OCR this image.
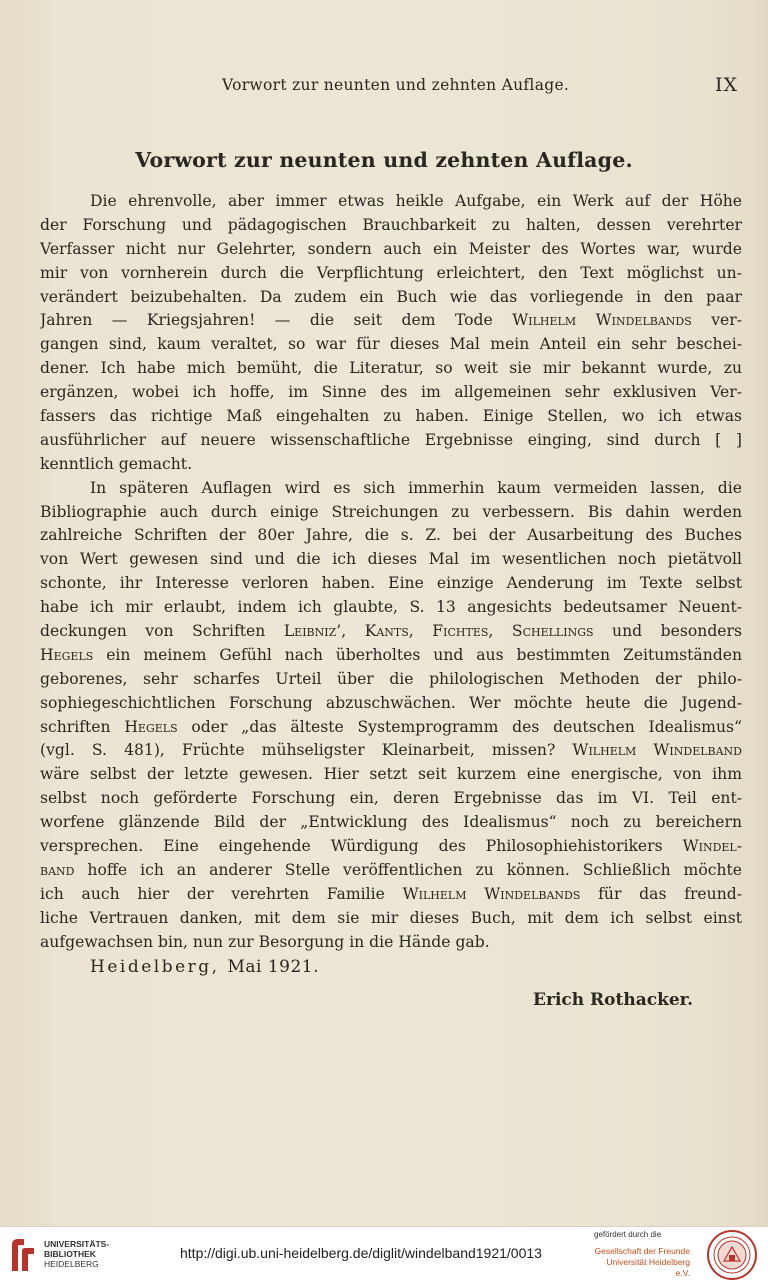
Vorwort zur neunten und zehnten Auflage.	IX
Vorwort zur neunten und zehnten Auflage.
Die ehrenvolle, aber immer etwas heikle Aufgabe, ein Werk auf der Höhe
der Forschung und pädagogischen Brauchbarkeit zu halten, dessen verehrter
Verfasser nicht nur Gelehrter, sondern auch ein Meister des Wortes war, wurde
mir von vornherein durch die Verpflichtung erleichtert, den Text möglichst un-
verändert beizubehalten. Da zudem ein Buch wie das vorliegende in den paar
Jahren — Kriegsjahren! — die seit dem Tode Wilhelm Windelbands ver-
gangen sind, kaum veraltet, so war für dieses Mal mein Anteil ein sehr beschei-
dener. Ich habe mich bemüht, die Literatur, so weit sie mir bekannt wurde, zu
ergänzen, wobei ich hoffe, im Sinne des im allgemeinen sehr exklusiven Ver-
fassers das richtige Maß eingehalten zu haben. Einige Stellen, wo ich etwas
ausführlicher auf neuere wissenschaftliche Ergebnisse einging, sind durch [ ]
kenntlich gemacht.
In späteren Auflagen wird es sich immerhin kaum vermeiden lassen, die
Bibliographie auch durch einige Streichungen zu verbessern. Bis dahin werden
zahlreiche Schriften der 80er Jahre, die s. Z. bei der Ausarbeitung des Buches
von Wert gewesen sind und die ich dieses Mal im wesentlichen noch pietätvoll
schonte, ihr Interesse verloren haben. Eine einzige Aenderung im Texte selbst
habe ich mir erlaubt, indem ich glaubte, S. 13 angesichts bedeutsamer Neuent-
deckungen von Schriften Leibniz’, Kants, Fichtes, Schellings und besonders
Hegels ein meinem Gefühl nach überholtes und aus bestimmten Zeitumständen
geborenes, sehr scharfes Urteil über die philologischen Methoden der philo-
sophiegeschichtlichen Forschung abzuschwächen. Wer möchte heute die Jugend-
schriften Hegels oder „das älteste Systemprogramm des deutschen Idealismus“
(vgl. S. 481), Früchte mühseligster Kleinarbeit, missen? Wilhelm Windelband
wäre selbst der letzte gewesen. Hier setzt seit kurzem eine energische, von ihm
selbst noch geförderte Forschung ein, deren Ergebnisse das im VI. Teil ent-
worfene glänzende Bild der „Entwicklung des Idealismus“ noch zu bereichern
versprechen. Eine eingehende Würdigung des Philosophiehistorikers Windel-
band hoffe ich an anderer Stelle veröffentlichen zu können. Schließlich möchte
ich auch hier der verehrten Familie Wilhelm Windelbands für das freund-
liche Vertrauen danken, mit dem sie mir dieses Buch, mit dem ich selbst einst
aufgewachsen bin, nun zur Besorgung in die Hände gab.
Heidelberg, Mai 1921.
Erich Rothacker.
UNIVERSITÄTS-
BIBLIOTHEK
HEIDELBERG
http://digi.ub.uni-heidelberg.de/diglit/windelband1921/0013
gefördert durch die
Gesellschaft der Freunde
Universität Heidelberg e.V.
